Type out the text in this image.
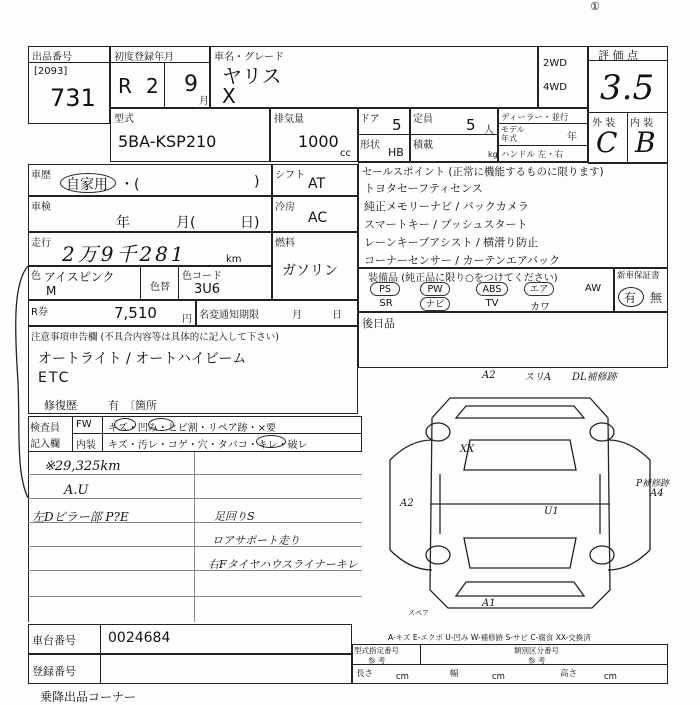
①
出品番号
[2093]
731
初度登録年月
R 2 9
月
車名・グレード
ヤリス
X
2WD
4WD
評 価 点
3.5
外 装 内 装
C B
型式
5BA-KSP210
排気量
1000
cc
ドア 5
形状
HB
定員 5 人
積載
kg
ディーラー・並行
モデル
年式	年
ハンドル 左・右
車歴
自家用 ・(	) シフト
AT
車検
年	月(	日)
冷房
AC
走行 2万9千281	km
燃料
ガソリン
色 アイスピンク
M	色替
色コード
3U6
R券	7,510	円 名変通知期限	月	日
注意事項申告欄 (不具合内容等は具体的に記入して下さい)
オートライト / オートハイビーム
ETC
修復歴	有 〔箇所
セールスポイント (正常に機能するものに限ります)
トヨタセーフティセンス
純正メモリーナビ / バックカメラ
スマートキー / プッシュスタート
レーンキープアシスト / 横滑り防止
コーナーセンサー / カーテンエアバック
装備品 (純正品に限り○をつけてください)
PS	PW	ABS	エア	AW
SR	ナビ	TV	カワ
新車保証書
有 無
後日品
検査員
記入欄
FW
内装
キズ・凹み・ヒビ割・リペア跡・×要
キズ・汚レ・コゲ・穴・タバコ・キレ・破レ
※29,325km
A.U
左Dピラー部 P?E	足回りS
ロアサポート走り
右Fタイヤハウスライナーキレ
A2	スリA DL補修跡
XX
A2
U1
P補修跡
A4
A1
スペア
A-キズ E-エクボ U-凹み W-補修跡 S-サビ C-腐食 XX-交換済
車台番号 0024684
登録番号
型式指定番号
参 考
類別区分番号
参 考
長さ	cm	幅	cm	高さ	cm
乗降出品コーナー
